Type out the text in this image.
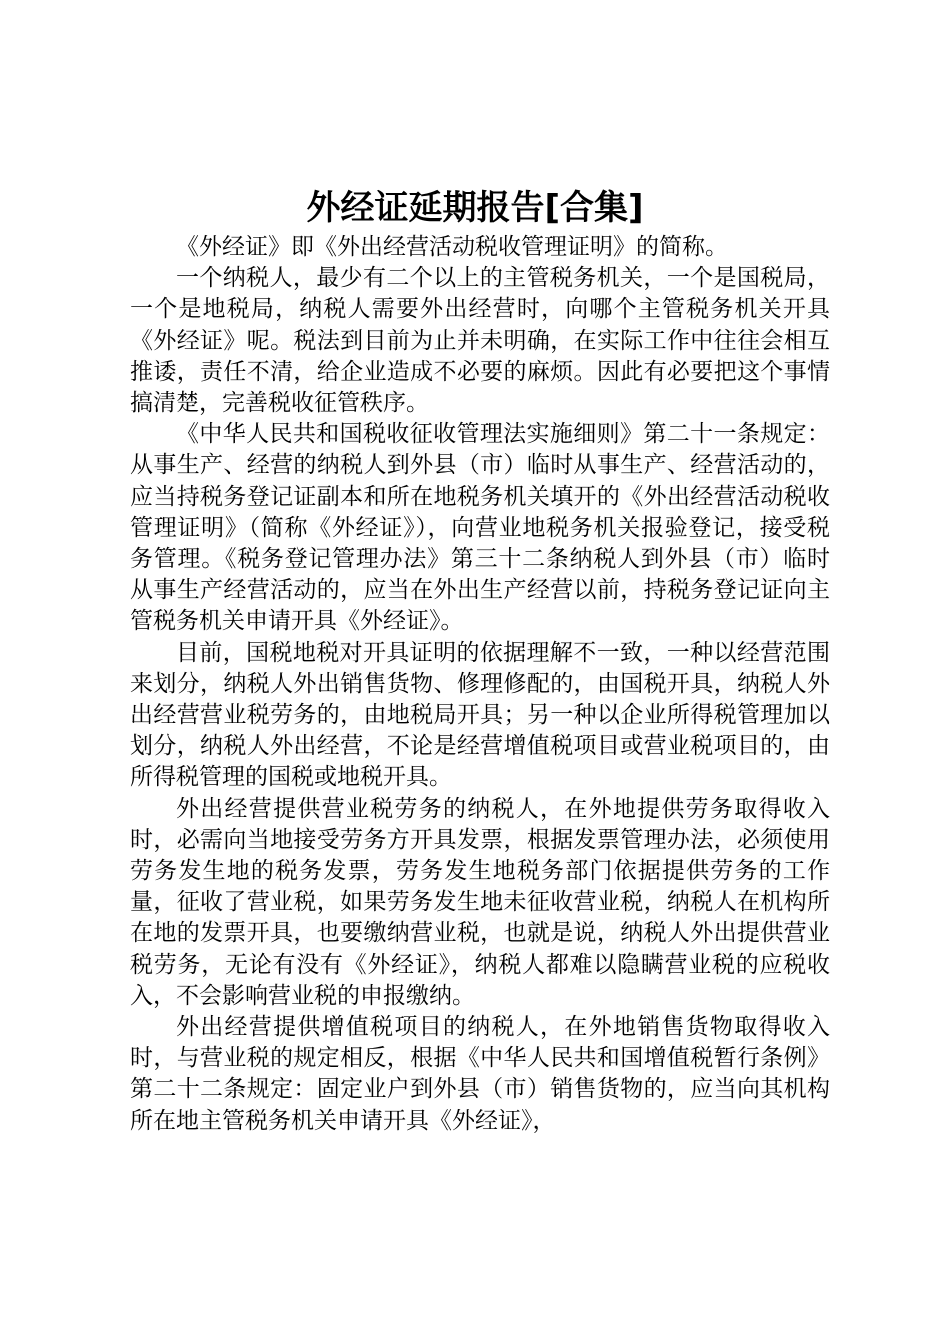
外经证延期报告[合集]

《外经证》即《外出经营活动税收管理证明》的简称。

一个纳税人，最少有二个以上的主管税务机关，一个是国税局，一个是地税局，纳税人需要外出经营时，向哪个主管税务机关开具《外经证》呢。税法到目前为止并未明确，在实际工作中往往会相互推诿，责任不清，给企业造成不必要的麻烦。因此有必要把这个事情搞清楚，完善税收征管秩序。

《中华人民共和国税收征收管理法实施细则》第二十一条规定：从事生产、经营的纳税人到外县（市）临时从事生产、经营活动的，应当持税务登记证副本和所在地税务机关填开的《外出经营活动税收管理证明》（简称《外经证》），向营业地税务机关报验登记，接受税务管理。《税务登记管理办法》第三十二条纳税人到外县（市）临时从事生产经营活动的，应当在外出生产经营以前，持税务登记证向主管税务机关申请开具《外经证》。

目前，国税地税对开具证明的依据理解不一致，一种以经营范围来划分，纳税人外出销售货物、修理修配的，由国税开具，纳税人外出经营营业税劳务的，由地税局开具；另一种以企业所得税管理加以划分，纳税人外出经营，不论是经营增值税项目或营业税项目的，由所得税管理的国税或地税开具。

外出经营提供营业税劳务的纳税人，在外地提供劳务取得收入时，必需向当地接受劳务方开具发票，根据发票管理办法，必须使用劳务发生地的税务发票，劳务发生地税务部门依据提供劳务的工作量，征收了营业税，如果劳务发生地未征收营业税，纳税人在机构所在地的发票开具，也要缴纳营业税，也就是说，纳税人外出提供营业税劳务，无论有没有《外经证》，纳税人都难以隐瞒营业税的应税收入，不会影响营业税的申报缴纳。

外出经营提供增值税项目的纳税人，在外地销售货物取得收入时，与营业税的规定相反，根据《中华人民共和国增值税暂行条例》第二十二条规定：固定业户到外县（市）销售货物的，应当向其机构所在地主管税务机关申请开具《外经证》，
